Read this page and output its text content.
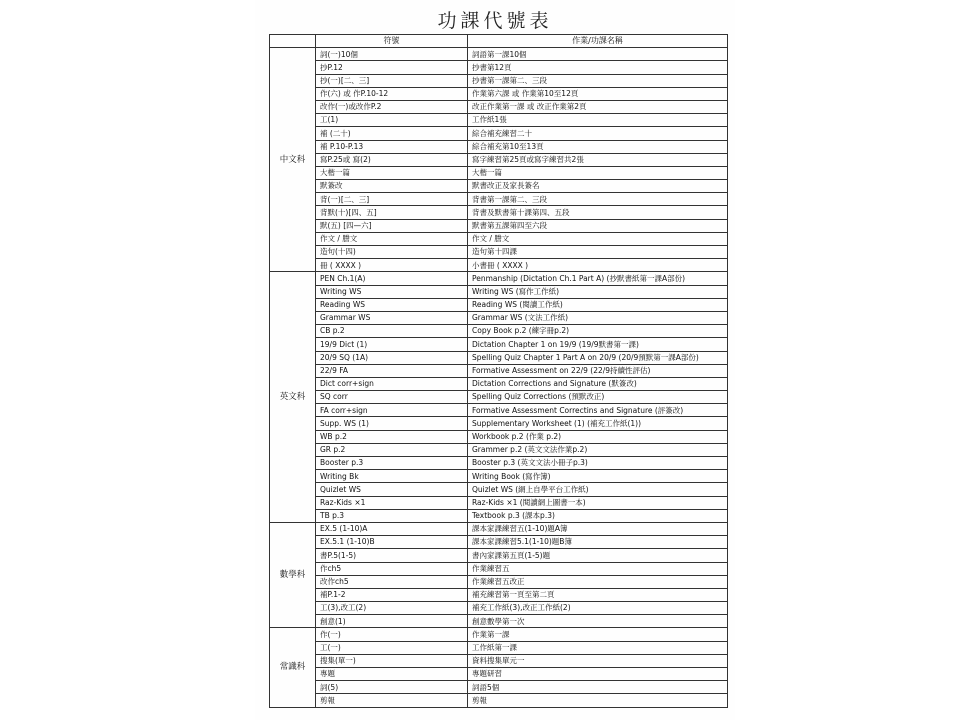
功課代號表
	符號	作業/功課名稱
中文科	詞(一)10個	詞語第一課10個
	抄P.12	抄書第12頁
	抄(一)[二、三]	抄書第一課第二、三段
	作(六) 或 作P.10-12	作業第六課 或 作業第10至12頁
	改作(一)或改作P.2	改正作業第一課 或 改正作業第2頁
	工(1)	工作紙1張
	補 (二十)	綜合補充練習二十
	補 P.10-P.13	綜合補充第10至13頁
	寫P.25或 寫(2)	寫字練習第25頁或寫字練習共2張
	大楷一篇	大楷一篇
	默簽改	默書改正及家長簽名
	背(一)[二、三]	背書第一課第二、三段
	背默(十)[四、五]	背書及默書第十課第四、五段
	默(五) [四—六]	默書第五課第四至六段
	作文 / 謄文	作文 / 謄文
	造句(十四)	造句第十四課
	冊 ( XXXX )	小書冊 ( XXXX )
英文科	PEN Ch.1(A)	Penmanship (Dictation Ch.1 Part A) (抄默書紙第一課A部份)
	Writing WS	Writing WS (寫作工作紙)
	Reading WS	Reading WS (閱讀工作紙)
	Grammar WS	Grammar WS (文法工作紙)
	CB p.2	Copy Book p.2 (練字冊p.2)
	19/9 Dict (1)	Dictation Chapter 1 on 19/9 (19/9默書第一課)
	20/9 SQ (1A)	Spelling Quiz Chapter 1 Part A on 20/9 (20/9預默第一課A部份)
	22/9 FA	Formative Assessment on 22/9 (22/9持續性評估)
	Dict corr+sign	Dictation Corrections and Signature (默簽改)
	SQ corr	Spelling Quiz Corrections (預默改正)
	FA corr+sign	Formative Assessment Correctins and Signature (評簽改)
	Supp. WS (1)	Supplementary Worksheet (1) (補充工作紙(1))
	WB p.2	Workbook p.2 (作業 p.2)
	GR p.2	Grammer p.2 (英文文法作業p.2)
	Booster p.3	Booster p.3 (英文文法小冊子p.3)
	Writing Bk	Writing Book (寫作簿)
	Quizlet WS	Quizlet WS (網上自學平台工作紙)
	Raz-Kids ×1	Raz-Kids ×1 (閱讀網上圖書一本)
	TB p.3	Textbook p.3 (課本p.3)
數學科	EX.5 (1-10)A	課本家課練習五(1-10)題A簿
	EX.5.1 (1-10)B	課本家課練習5.1(1-10)題B簿
	書P.5(1-5)	書內家課第五頁(1-5)題
	作ch5	作業練習五
	改作ch5	作業練習五改正
	補P.1-2	補充練習第一頁至第二頁
	工(3),改工(2)	補充工作紙(3),改正工作紙(2)
	創意(1)	創意數學第一次
常識科	作(一)	作業第一課
	工(一)	工作紙第一課
	搜集(單一)	資料搜集單元一
	專題	專題研習
	詞(5)	詞語5個
	剪報	剪報
